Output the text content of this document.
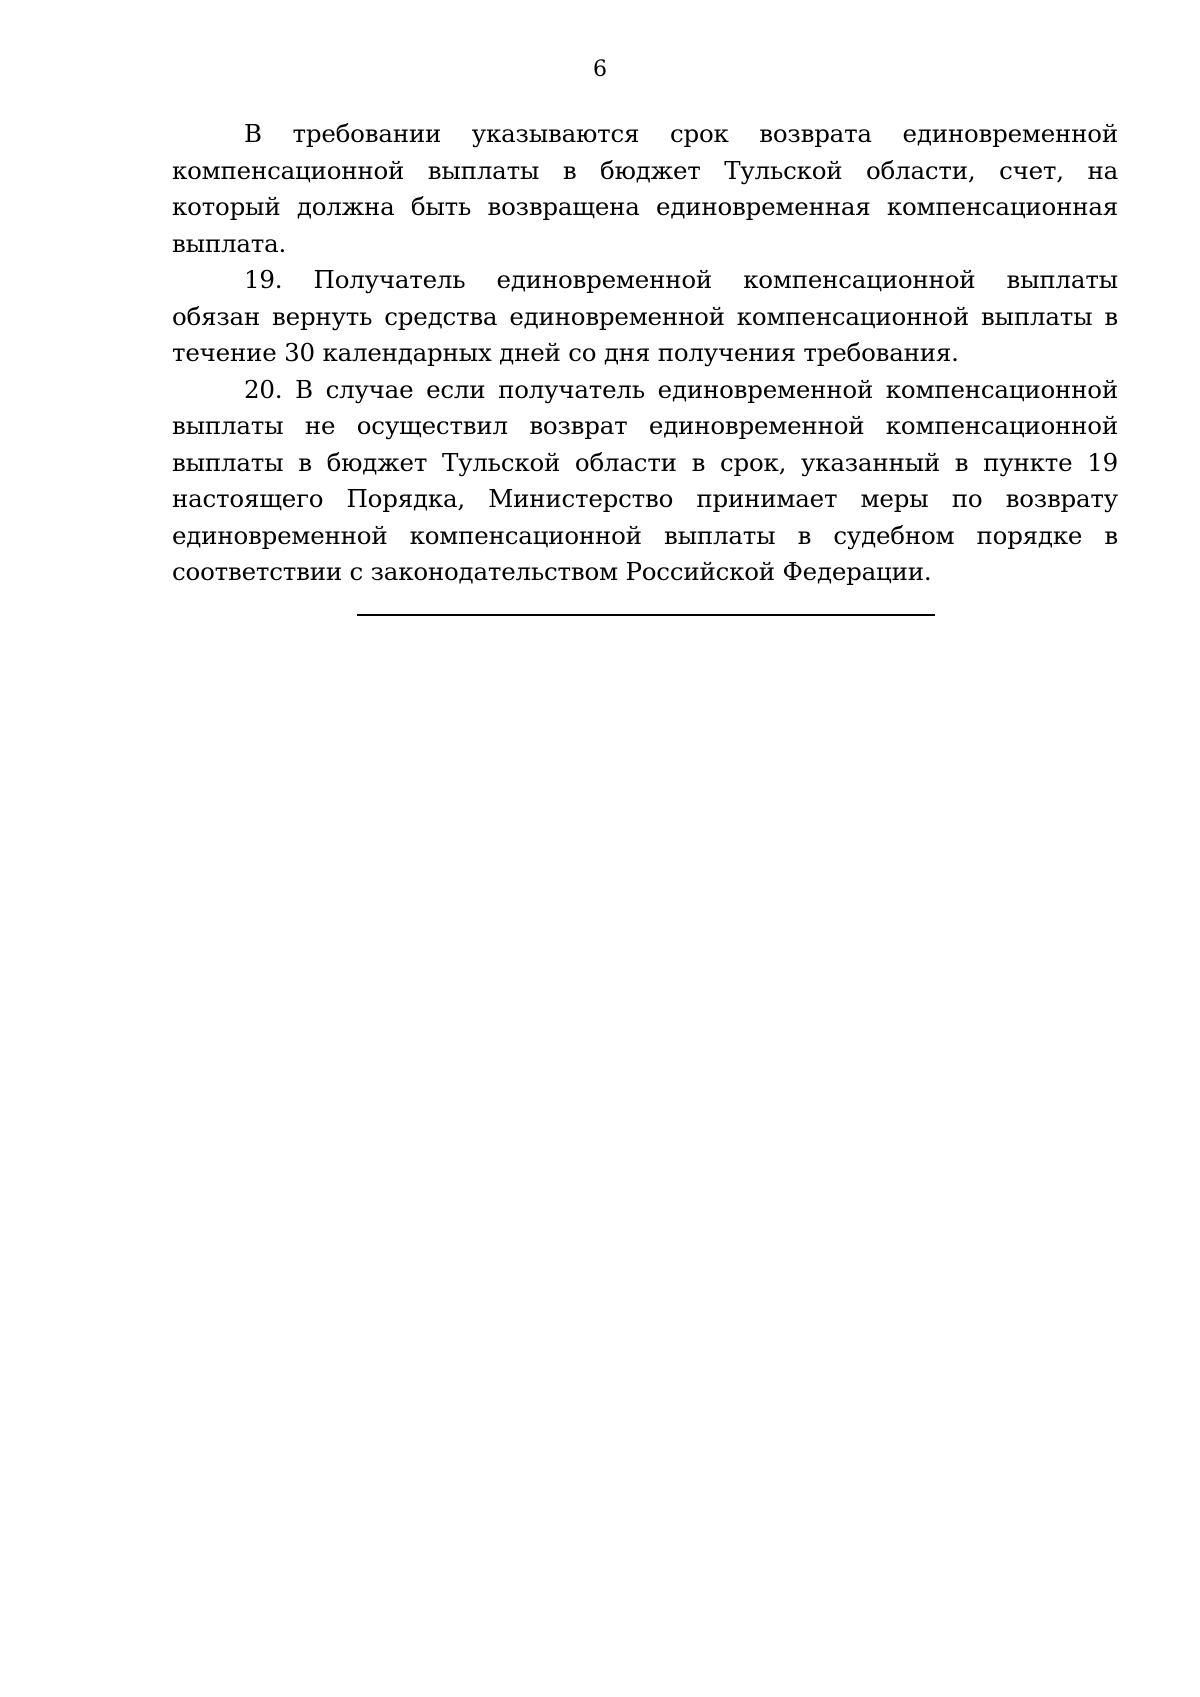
6

В требовании указываются срок возврата единовременной компенсационной выплаты в бюджет Тульской области, счет, на который должна быть возвращена единовременная компенсационная выплата.

19. Получатель единовременной компенсационной выплаты обязан вернуть средства единовременной компенсационной выплаты в течение 30 календарных дней со дня получения требования.

20. В случае если получатель единовременной компенсационной выплаты не осуществил возврат единовременной компенсационной выплаты в бюджет Тульской области в срок, указанный в пункте 19 настоящего Порядка, Министерство принимает меры по возврату единовременной компенсационной выплаты в судебном порядке в соответствии с законодательством Российской Федерации.
